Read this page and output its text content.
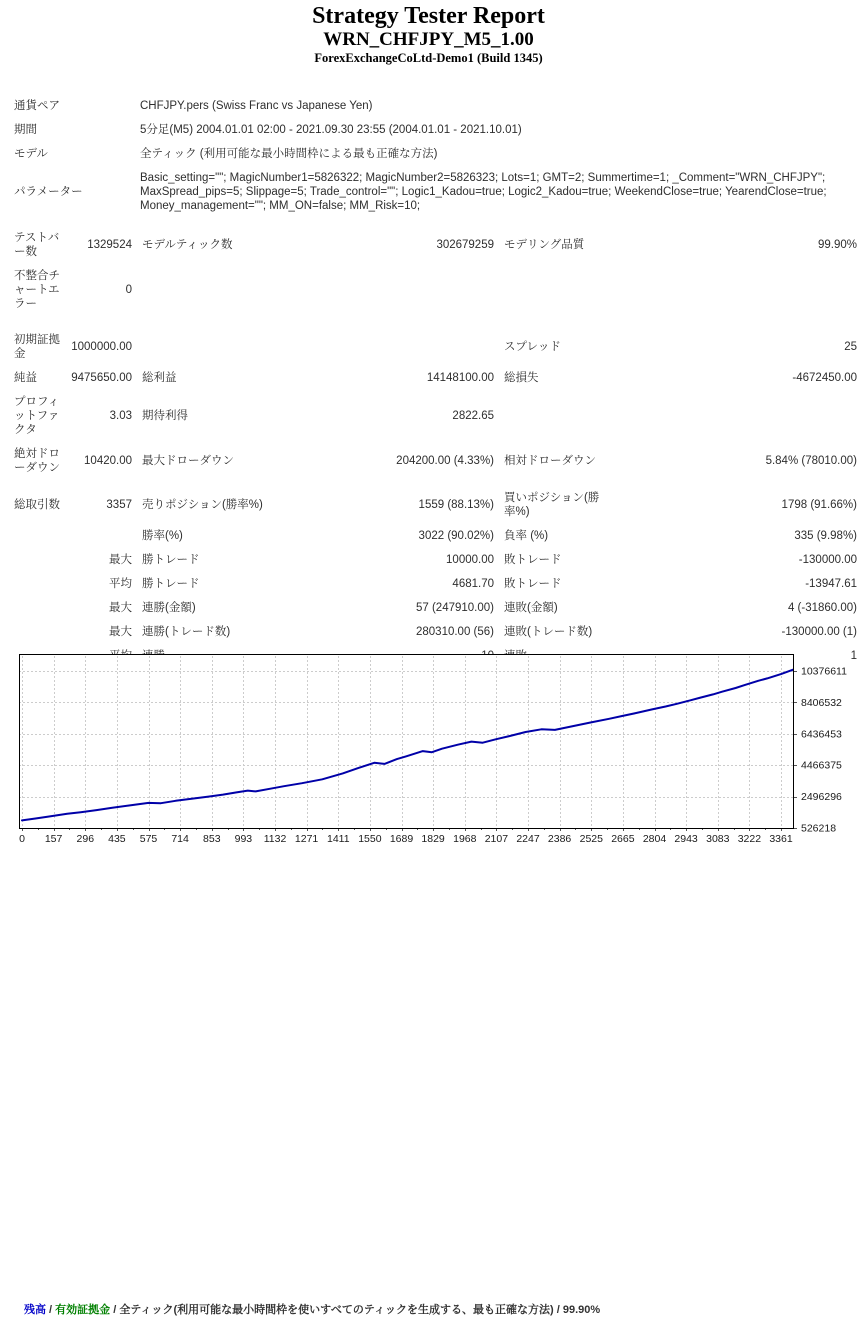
Strategy Tester Report
WRN_CHFJPY_M5_1.00
ForexExchangeCoLtd-Demo1 (Build 1345)
通貨ペア	CHFJPY.pers (Swiss Franc vs Japanese Yen)
期間	5分足(M5) 2004.01.01 02:00 - 2021.09.30 23:55 (2004.01.01 - 2021.10.01)
モデル	全ティック (利用可能な最小時間枠による最も正確な方法)
パラメーター
Basic_setting=""; MagicNumber1=5826322; MagicNumber2=5826323; Lots=1; GMT=2; Summertime=1; _Comment="WRN_CHFJPY";
MaxSpread_pips=5; Slippage=5; Trade_control=""; Logic1_Kadou=true; Logic2_Kadou=true; WeekendClose=true; YearendClose=true;
Money_management=""; MM_ON=false; MM_Risk=10;
テストバ
ー数
1329524 モデルティック数	302679259 モデリング品質	99.90%
不整合チ
ャートエ
ラー
0
初期証拠
金
1000000.00	スプレッド	25
純益	9475650.00 総利益	14148100.00 総損失	-4672450.00
プロフィ
ットファ
クタ
3.03 期待利得	2822.65
絶対ドロ
ーダウン
10420.00 最大ドローダウン	204200.00 (4.33%) 相対ドローダウン	5.84% (78010.00)
総取引数	3357 売りポジション(勝率%)	1559 (88.13%)
買いポジション(勝率%)
1798 (91.66%)
勝率(%)	3022 (90.02%) 負率 (%)	335 (9.98%)
最大 勝トレード	10000.00 敗トレード	-130000.00
平均 勝トレード	4681.70 敗トレード	-13947.61
最大 連勝(金額)	57 (247910.00) 連敗(金額)	4 (-31860.00)
最大 連勝(トレード数)	280310.00 (56) 連敗(トレード数)	-130000.00 (1)
1
0 157 296 435 575 714 853 993 1132 1271 1411 1550 1689 1829 1968 2107 2247 2386 2525 2665 2804 2943 3083 3222 3361
526218
2496296
4466375
6436453
8406532
10376611
残高 / 有効証拠金 / 全ティック(利用可能な最小時間枠を使いすべてのティックを生成する、最も正確な方法) / 99.90%
